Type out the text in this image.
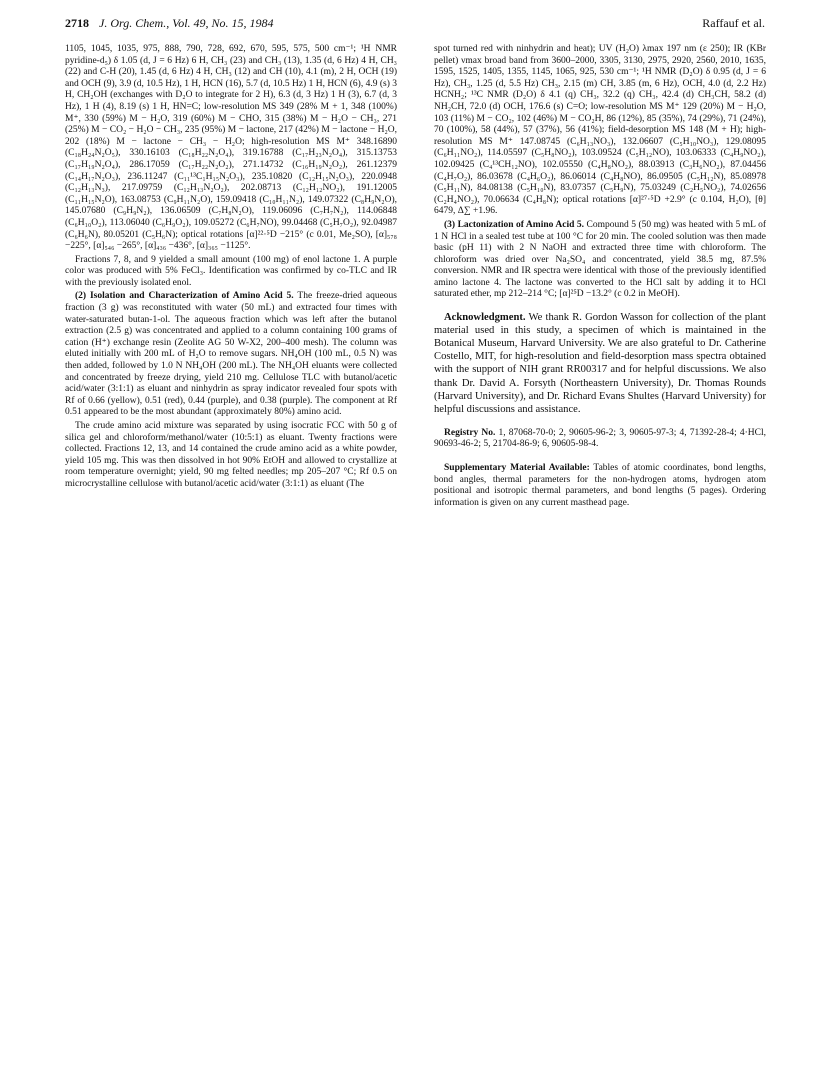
2718 J. Org. Chem., Vol. 49, No. 15, 1984	Raffauf et al.

1105, 1045, 1035, 975, 888, 790, 728, 692, 670, 595, 575, 500 cm⁻¹; ¹H NMR pyridine-d₅) δ 1.05 (d, J = 6 Hz) 6 H, CH₃ (23) and CH₃ (13), 1.35 (d, 6 Hz) 4 H, CH₃ (22) and C-H (20), 1.45 (d, 6 Hz) 4 H, CH₃ (12) and CH (10), 4.1 (m), 2 H, OCH (19) and OCH (9), 3.9 (d, 10.5 Hz), 1 H, HCN (16), 5.7 (d, 10.5 Hz) 1 H, HCN (6), 4.9 (s) 3 H, CH₂OH (exchanges with D₂O to integrate for 2 H), 6.3 (d, 3 Hz) 1 H (3), 6.7 (d, 3 Hz), 1 H (4), 8.19 (s) 1 H, HN=C; low-resolution MS 349 (28% M + 1, 348 (100%) M⁺, 330 (59%) M − H₂O, 319 (60%) M − CHO, 315 (38%) M − H₂O − CH₃, 271 (25%) M − CO₂ − H₂O − CH₃, 235 (95%) M − lactone, 217 (42%) M − lactone − H₂O, 202 (18%) M − lactone − CH₃ − H₂O; high-resolution MS M⁺ 348.16890 (C₁₈H₂₄N₂O₅), 330.16103 (C₁₈H₂₂N₂O₄), 319.16788 (C₁₇H₂₃N₂O₄), 315.13753 (C₁₇H₁₉N₂O₄), 286.17059 (C₁₇H₂₂N₂O₂), 271.14732 (C₁₆H₁₉N₂O₂), 261.12379 (C₁₄H₁₇N₂O₃), 236.11247 (C₁₁¹³C₁H₁₅N₂O₃), 235.10820 (C₁₂H₁₅N₂O₃), 220.0948 (C₁₂H₁₃N₃), 217.09759 (C₁₂H₁₃N₂O₂), 202.08713 (C₁₂H₁₂NO₂), 191.12005 (C₁₁H₁₅N₂O), 163.08753 (C₉H₁₁N₂O), 159.09418 (C₁₀H₁₁N₂), 149.07322 (C₈H₉N₂O), 145.07680 (C₉H₉N₂), 136.06509 (C₇H₈N₂O), 119.06096 (C₇H₇N₂), 114.06848 (C₆H₁₀O₂), 113.06040 (C₆H₉O₂), 109.05272 (C₆H₇NO), 99.04468 (C₅H₇O₂), 92.04987 (C₆H₆N), 80.05201 (C₅H₆N); optical rotations [α]²²·⁵D −215° (c 0.01, Me₂SO), [α]₅₇₈ −225°, [α]₅₄₆ −265°, [α]₄₃₆ −436°, [α]₃₆₅ −1125°.

Fractions 7, 8, and 9 yielded a small amount (100 mg) of enol lactone 1. A purple color was produced with 5% FeCl₃. Identification was confirmed by co-TLC and IR with the previously isolated enol.

(2) Isolation and Characterization of Amino Acid 5. The freeze-dried aqueous fraction (3 g) was reconstituted with water (50 mL) and extracted four times with water-saturated butan-1-ol. The aqueous fraction which was left after the butanol extraction (2.5 g) was concentrated and applied to a column containing 100 grams of cation (H⁺) exchange resin (Zeolite AG 50 W-X2, 200–400 mesh). The column was eluted initially with 200 mL of H₂O to remove sugars. NH₄OH (100 mL, 0.5 N) was then added, followed by 1.0 N NH₄OH (200 mL). The NH₄OH eluants were collected and concentrated by freeze drying, yield 210 mg. Cellulose TLC with butanol/acetic acid/water (3:1:1) as eluant and ninhydrin as spray indicator revealed four spots with Rf of 0.66 (yellow), 0.51 (red), 0.44 (purple), and 0.38 (purple). The component at Rf 0.51 appeared to be the most abundant (approximately 80%) amino acid.

The crude amino acid mixture was separated by using isocratic FCC with 50 g of silica gel and chloroform/methanol/water (10:5:1) as eluant. Twenty fractions were collected. Fractions 12, 13, and 14 contained the crude amino acid as a white powder, yield 105 mg. This was then dissolved in hot 90% EtOH and allowed to crystallize at room temperature overnight; yield, 90 mg felted needles; mp 205–207 °C; Rf 0.5 on microcrystalline cellulose with butanol/acetic acid/water (3:1:1) as eluant (The

spot turned red with ninhydrin and heat); UV (H₂O) λmax 197 nm (ε 250); IR (KBr pellet) νmax broad band from 3600–2000, 3305, 3130, 2975, 2920, 2560, 2010, 1635, 1595, 1525, 1405, 1355, 1145, 1065, 925, 530 cm⁻¹; ¹H NMR (D₂O) δ 0.95 (d, J = 6 Hz), CH₃, 1.25 (d, 5.5 Hz) CH₃, 2.15 (m) CH, 3.85 (m, 6 Hz), OCH, 4.0 (d, 2.2 Hz) HCNH₂; ¹³C NMR (D₂O) δ 4.1 (q) CH₃, 32.2 (q) CH₃, 42.4 (d) CH₃CH, 58.2 (d) NH₂CH, 72.0 (d) OCH, 176.6 (s) C=O; low-resolution MS M⁺ 129 (20%) M − H₂O, 103 (11%) M − CO₂, 102 (46%) M − CO₂H, 86 (12%), 85 (35%), 74 (29%), 71 (24%), 70 (100%), 58 (44%), 57 (37%), 56 (41%); field-desorption MS 148 (M + H); high-resolution MS M⁺ 147.08745 (C₆H₁₃NO₃), 132.06607 (C₅H₁₀NO₃), 129.08095 (C₆H₁₁NO₂), 114.05597 (C₅H₈NO₂), 103.09524 (C₅H₁₂NO), 103.06333 (C₄H₉NO₂), 102.09425 (C₄¹³CH₁₂NO), 102.05550 (C₄H₈NO₂), 88.03913 (C₃H₆NO₂), 87.04456 (C₄H₇O₂), 86.03678 (C₄H₆O₂), 86.06014 (C₄H₈NO), 86.09505 (C₅H₁₂N), 85.08978 (C₅H₁₁N), 84.08138 (C₅H₁₀N), 83.07357 (C₅H₉N), 75.03249 (C₂H₅NO₂), 74.02656 (C₂H₄NO₂), 70.06634 (C₄H₈N); optical rotations [α]²⁷·⁵D +2.9° (c 0.104, H₂O), [θ] 6479, Δ∑ +1.96.

(3) Lactonization of Amino Acid 5. Compound 5 (50 mg) was heated with 5 mL of 1 N HCl in a sealed test tube at 100 °C for 20 min. The cooled solution was then made basic (pH 11) with 2 N NaOH and extracted three time with chloroform. The chloroform was dried over Na₂SO₄ and concentrated, yield 38.5 mg, 87.5% conversion. NMR and IR spectra were identical with those of the previously identified amino lactone 4. The lactone was converted to the HCl salt by adding it to HCl saturated ether, mp 212–214 °C; [α]²⁵D −13.2° (c 0.2 in MeOH).

Acknowledgment. We thank R. Gordon Wasson for collection of the plant material used in this study, a specimen of which is maintained in the Botanical Museum, Harvard University. We are also grateful to Dr. Catherine Costello, MIT, for high-resolution and field-desorption mass spectra obtained with the support of NIH grant RR00317 and for helpful discussions. We also thank Dr. David A. Forsyth (Northeastern University), Dr. Thomas Rounds (Harvard University), and Dr. Richard Evans Shultes (Harvard University) for helpful discussions and assistance.

Registry No. 1, 87068-70-0; 2, 90605-96-2; 3, 90605-97-3; 4, 71392-28-4; 4·HCl, 90693-46-2; 5, 21704-86-9; 6, 90605-98-4.

Supplementary Material Available: Tables of atomic coordinates, bond lengths, bond angles, thermal parameters for the non-hydrogen atoms, hydrogen atom positional and isotropic thermal parameters, and bond lengths (5 pages). Ordering information is given on any current masthead page.
